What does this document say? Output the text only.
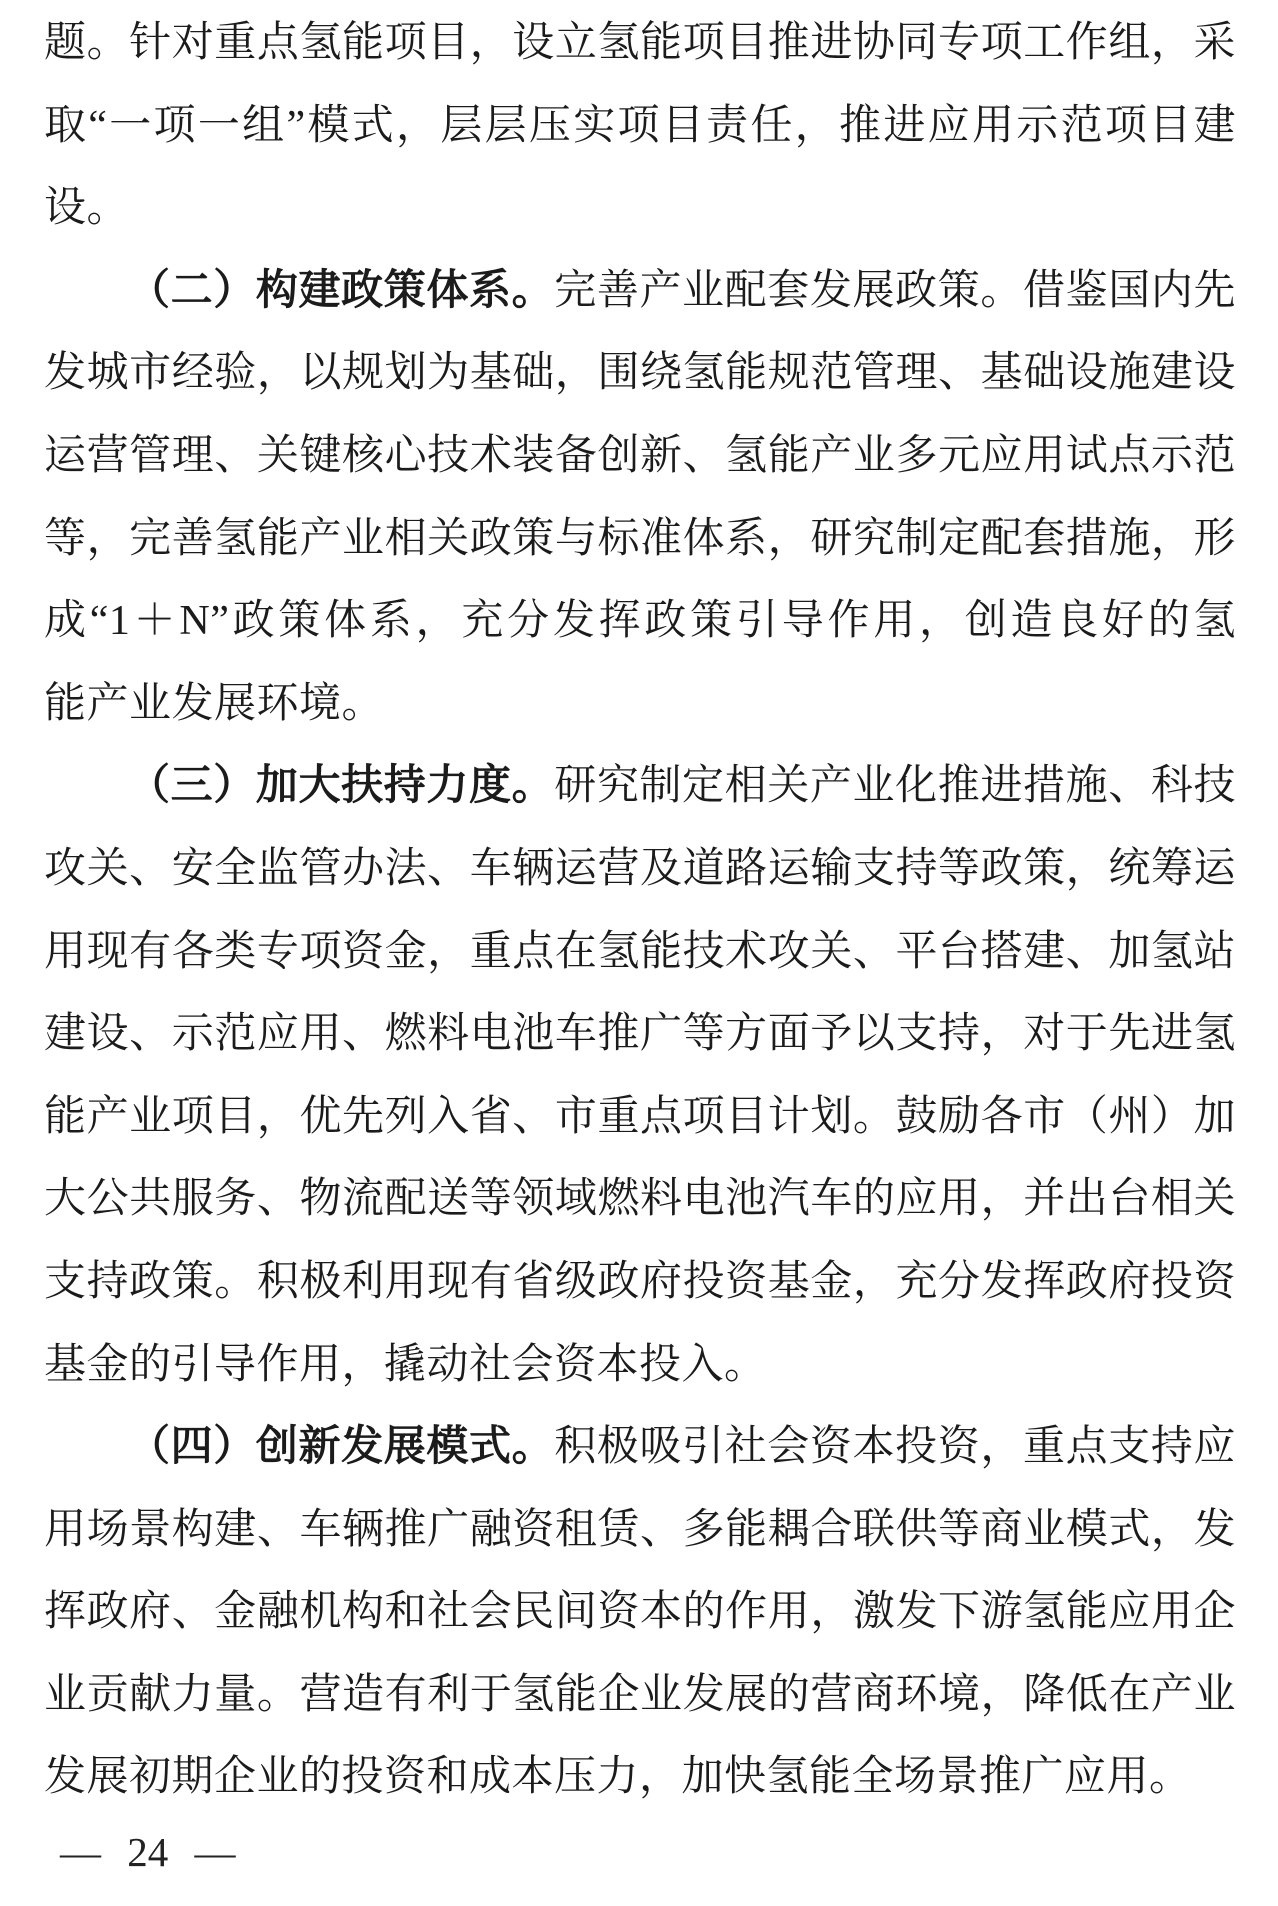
题。针对重点氢能项目，设立氢能项目推进协同专项工作组，采
取“一项一组”模式，层层压实项目责任，推进应用示范项目建
设。
（二）构建政策体系。完善产业配套发展政策。借鉴国内先
发城市经验，以规划为基础，围绕氢能规范管理、基础设施建设
运营管理、关键核心技术装备创新、氢能产业多元应用试点示范
等，完善氢能产业相关政策与标准体系，研究制定配套措施，形
成“1＋N”政策体系，充分发挥政策引导作用，创造良好的氢
能产业发展环境。
（三）加大扶持力度。研究制定相关产业化推进措施、科技
攻关、安全监管办法、车辆运营及道路运输支持等政策，统筹运
用现有各类专项资金，重点在氢能技术攻关、平台搭建、加氢站
建设、示范应用、燃料电池车推广等方面予以支持，对于先进氢
能产业项目，优先列入省、市重点项目计划。鼓励各市（州）加
大公共服务、物流配送等领域燃料电池汽车的应用，并出台相关
支持政策。积极利用现有省级政府投资基金，充分发挥政府投资
基金的引导作用，撬动社会资本投入。
（四）创新发展模式。积极吸引社会资本投资，重点支持应
用场景构建、车辆推广融资租赁、多能耦合联供等商业模式，发
挥政府、金融机构和社会民间资本的作用，激发下游氢能应用企
业贡献力量。营造有利于氢能企业发展的营商环境，降低在产业
发展初期企业的投资和成本压力，加快氢能全场景推广应用。
— 24 —
